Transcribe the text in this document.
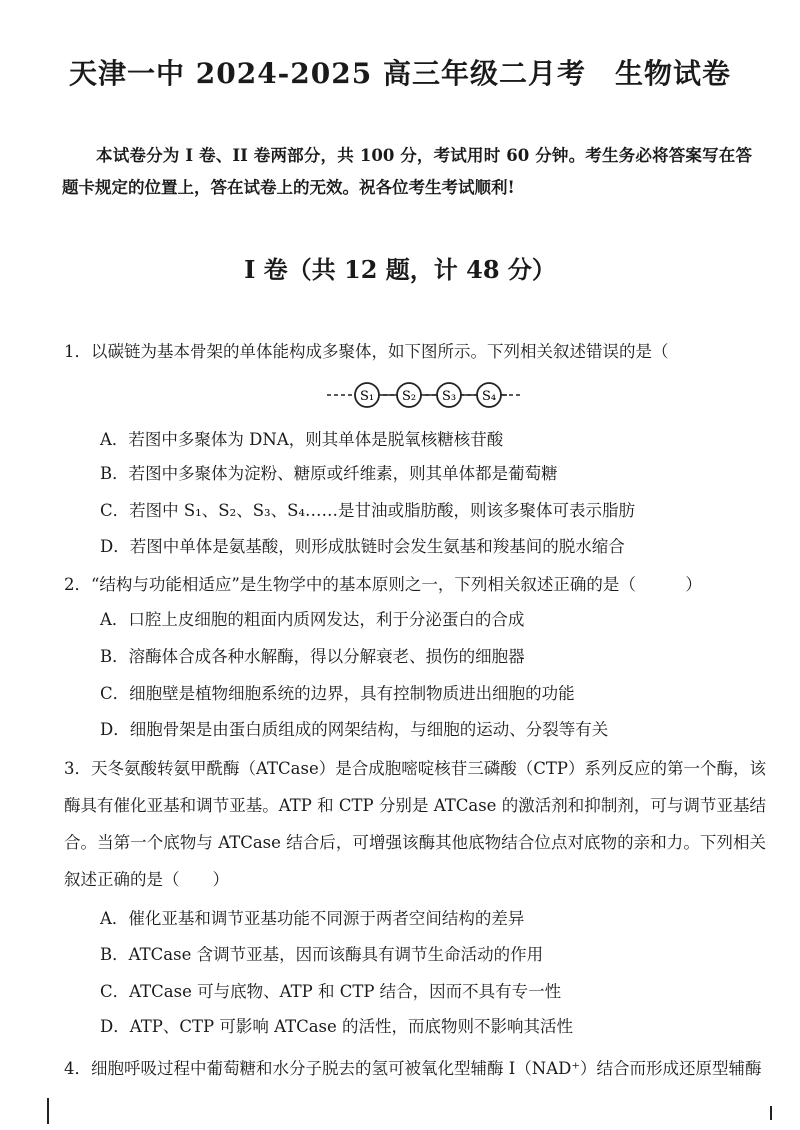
天津一中 2024-2025 高三年级二月考　生物试卷
本试卷分为 I 卷、II 卷两部分，共 100 分，考试用时 60 分钟。考生务必将答案写在答题卡规定的位置上，答在试卷上的无效。祝各位考生考试顺利!
I 卷（共 12 题，计 48 分）
1．以碳链为基本骨架的单体能构成多聚体，如下图所示。下列相关叙述错误的是（
S₁ S₂ S₃ S₄
A．若图中多聚体为 DNA，则其单体是脱氧核糖核苷酸
B．若图中多聚体为淀粉、糖原或纤维素，则其单体都是葡萄糖
C．若图中 S₁、S₂、S₃、S₄……是甘油或脂肪酸，则该多聚体可表示脂肪
D．若图中单体是氨基酸，则形成肽链时会发生氨基和羧基间的脱水缩合
2．“结构与功能相适应”是生物学中的基本原则之一，下列相关叙述正确的是（　　　）
A．口腔上皮细胞的粗面内质网发达，利于分泌蛋白的合成
B．溶酶体合成各种水解酶，得以分解衰老、损伤的细胞器
C．细胞壁是植物细胞系统的边界，具有控制物质进出细胞的功能
D．细胞骨架是由蛋白质组成的网架结构，与细胞的运动、分裂等有关
3．天冬氨酸转氨甲酰酶（ATCase）是合成胞嘧啶核苷三磷酸（CTP）系列反应的第一个酶，该酶具有催化亚基和调节亚基。ATP 和 CTP 分别是 ATCase 的激活剂和抑制剂，可与调节亚基结合。当第一个底物与 ATCase 结合后，可增强该酶其他底物结合位点对底物的亲和力。下列相关叙述正确的是（　　）
A．催化亚基和调节亚基功能不同源于两者空间结构的差异
B．ATCase 含调节亚基，因而该酶具有调节生命活动的作用
C．ATCase 可与底物、ATP 和 CTP 结合，因而不具有专一性
D．ATP、CTP 可影响 ATCase 的活性，而底物则不影响其活性
4．细胞呼吸过程中葡萄糖和水分子脱去的氢可被氧化型辅酶 I（NAD⁺）结合而形成还原型辅酶
